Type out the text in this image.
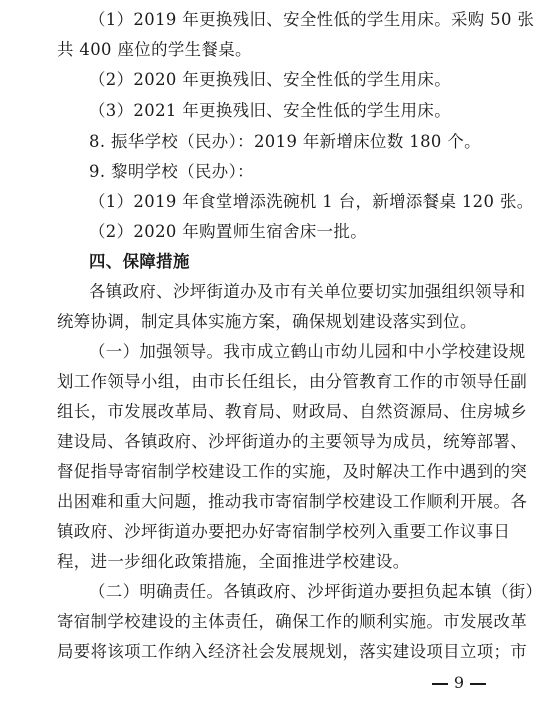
（1）2019 年更换残旧、安全性低的学生用床。采购 50 张
共 400 座位的学生餐桌。
（2）2020 年更换残旧、安全性低的学生用床。
（3）2021 年更换残旧、安全性低的学生用床。
8. 振华学校（民办）：2019 年新增床位数 180 个。
9. 黎明学校（民办）：
（1）2019 年食堂增添洗碗机 1 台，新增添餐桌 120 张。
（2）2020 年购置师生宿舍床一批。
四、保障措施
各镇政府、沙坪街道办及市有关单位要切实加强组织领导和
统筹协调，制定具体实施方案，确保规划建设落实到位。
（一）加强领导。我市成立鹤山市幼儿园和中小学校建设规
划工作领导小组，由市长任组长，由分管教育工作的市领导任副
组长，市发展改革局、教育局、财政局、自然资源局、住房城乡
建设局、各镇政府、沙坪街道办的主要领导为成员，统筹部署、
督促指导寄宿制学校建设工作的实施，及时解决工作中遇到的突
出困难和重大问题，推动我市寄宿制学校建设工作顺利开展。各
镇政府、沙坪街道办要把办好寄宿制学校列入重要工作议事日
程，进一步细化政策措施，全面推进学校建设。
（二）明确责任。各镇政府、沙坪街道办要担负起本镇（街）
寄宿制学校建设的主体责任，确保工作的顺利实施。市发展改革
局要将该项工作纳入经济社会发展规划，落实建设项目立项；市
9
